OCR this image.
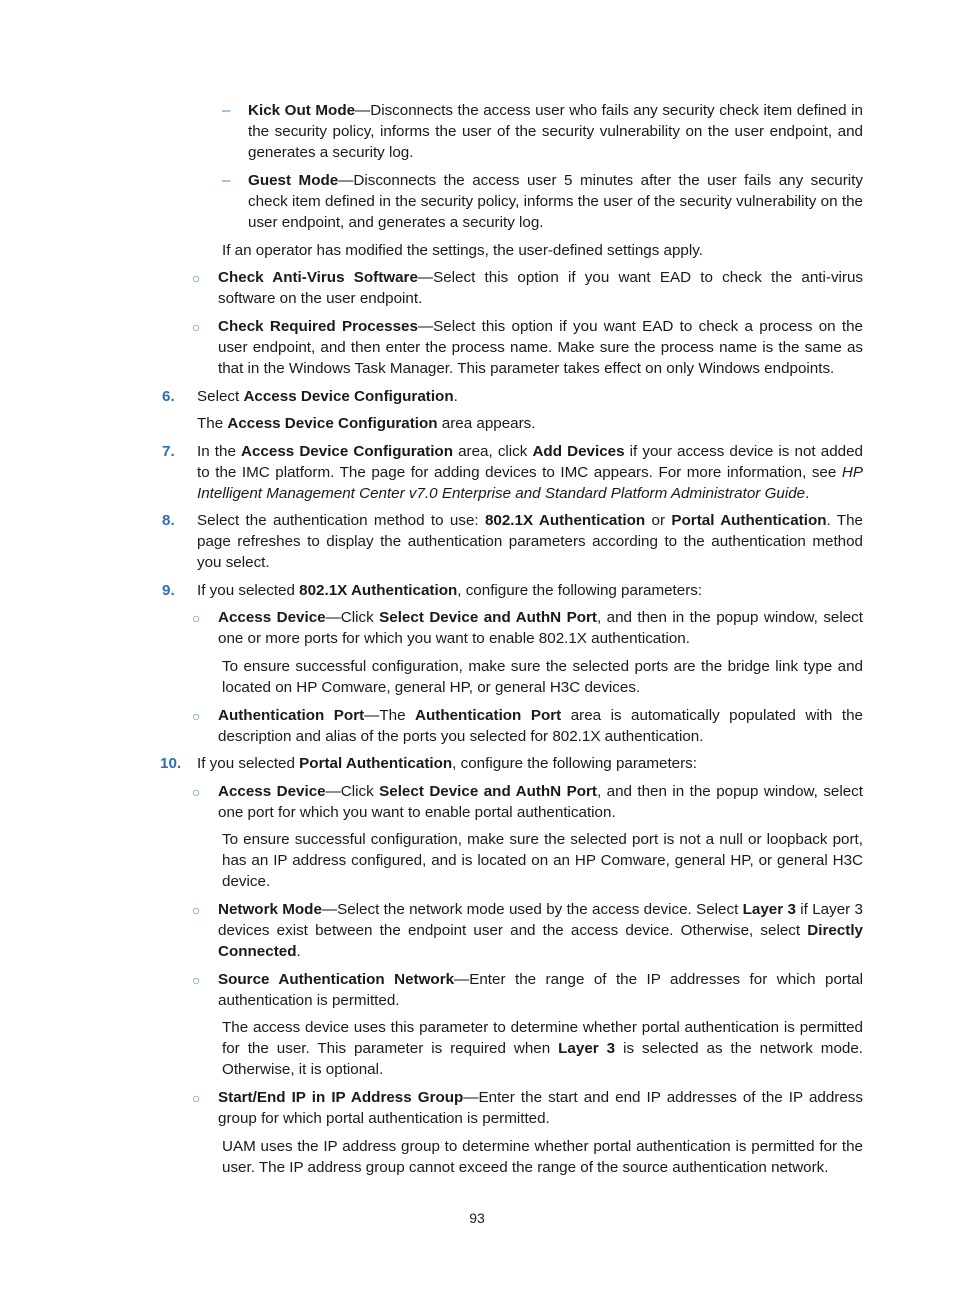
– Kick Out Mode—Disconnects the access user who fails any security check item defined in the security policy, informs the user of the security vulnerability on the user endpoint, and generates a security log.

– Guest Mode—Disconnects the access user 5 minutes after the user fails any security check item defined in the security policy, informs the user of the security vulnerability on the user endpoint, and generates a security log.

If an operator has modified the settings, the user-defined settings apply.

○ Check Anti-Virus Software—Select this option if you want EAD to check the anti-virus software on the user endpoint.

○ Check Required Processes—Select this option if you want EAD to check a process on the user endpoint, and then enter the process name. Make sure the process name is the same as that in the Windows Task Manager. This parameter takes effect on only Windows endpoints.

6. Select Access Device Configuration.

The Access Device Configuration area appears.

7. In the Access Device Configuration area, click Add Devices if your access device is not added to the IMC platform. The page for adding devices to IMC appears. For more information, see HP Intelligent Management Center v7.0 Enterprise and Standard Platform Administrator Guide.

8. Select the authentication method to use: 802.1X Authentication or Portal Authentication. The page refreshes to display the authentication parameters according to the authentication method you select.

9. If you selected 802.1X Authentication, configure the following parameters:

○ Access Device—Click Select Device and AuthN Port, and then in the popup window, select one or more ports for which you want to enable 802.1X authentication.

To ensure successful configuration, make sure the selected ports are the bridge link type and located on HP Comware, general HP, or general H3C devices.

○ Authentication Port—The Authentication Port area is automatically populated with the description and alias of the ports you selected for 802.1X authentication.

10. If you selected Portal Authentication, configure the following parameters:

○ Access Device—Click Select Device and AuthN Port, and then in the popup window, select one port for which you want to enable portal authentication.

To ensure successful configuration, make sure the selected port is not a null or loopback port, has an IP address configured, and is located on an HP Comware, general HP, or general H3C device.

○ Network Mode—Select the network mode used by the access device. Select Layer 3 if Layer 3 devices exist between the endpoint user and the access device. Otherwise, select Directly Connected.

○ Source Authentication Network—Enter the range of the IP addresses for which portal authentication is permitted.

The access device uses this parameter to determine whether portal authentication is permitted for the user. This parameter is required when Layer 3 is selected as the network mode. Otherwise, it is optional.

○ Start/End IP in IP Address Group—Enter the start and end IP addresses of the IP address group for which portal authentication is permitted.

UAM uses the IP address group to determine whether portal authentication is permitted for the user. The IP address group cannot exceed the range of the source authentication network.

93
